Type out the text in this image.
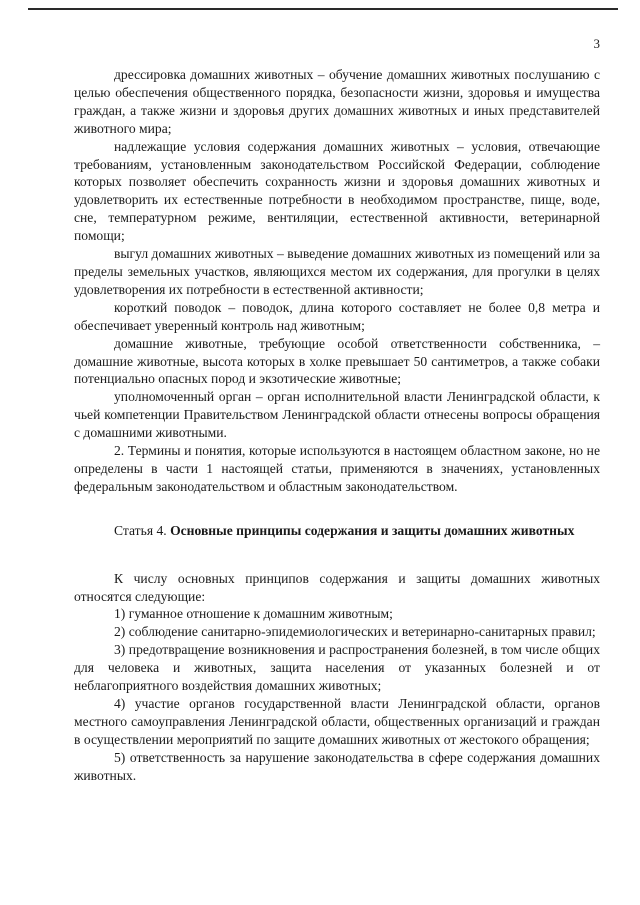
3

дрессировка домашних животных – обучение домашних животных послушанию с целью обеспечения общественного порядка, безопасности жизни, здоровья и имущества граждан, а также жизни и здоровья других домашних животных и иных представителей животного мира;

надлежащие условия содержания домашних животных – условия, отвечающие требованиям, установленным законодательством Российской Федерации, соблюдение которых позволяет обеспечить сохранность жизни и здоровья домашних животных и удовлетворить их естественные потребности в необходимом пространстве, пище, воде, сне, температурном режиме, вентиляции, естественной активности, ветеринарной помощи;

выгул домашних животных – выведение домашних животных из помещений или за пределы земельных участков, являющихся местом их содержания, для прогулки в целях удовлетворения их потребности в естественной активности;

короткий поводок – поводок, длина которого составляет не более 0,8 метра и обеспечивает уверенный контроль над животным;

домашние животные, требующие особой ответственности собственника, – домашние животные, высота которых в холке превышает 50 сантиметров, а также собаки потенциально опасных пород и экзотические животные;

уполномоченный орган – орган исполнительной власти Ленинградской области, к чьей компетенции Правительством Ленинградской области отнесены вопросы обращения с домашними животными.

2. Термины и понятия, которые используются в настоящем областном законе, но не определены в части 1 настоящей статьи, применяются в значениях, установленных федеральным законодательством и областным законодательством.

Статья 4. Основные принципы содержания и защиты домашних животных

К числу основных принципов содержания и защиты домашних животных относятся следующие:

1) гуманное отношение к домашним животным;

2) соблюдение санитарно-эпидемиологических и ветеринарно-санитарных правил;

3) предотвращение возникновения и распространения болезней, в том числе общих для человека и животных, защита населения от указанных болезней и от неблагоприятного воздействия домашних животных;

4) участие органов государственной власти Ленинградской области, органов местного самоуправления Ленинградской области, общественных организаций и граждан в осуществлении мероприятий по защите домашних животных от жестокого обращения;

5) ответственность за нарушение законодательства в сфере содержания домашних животных.
